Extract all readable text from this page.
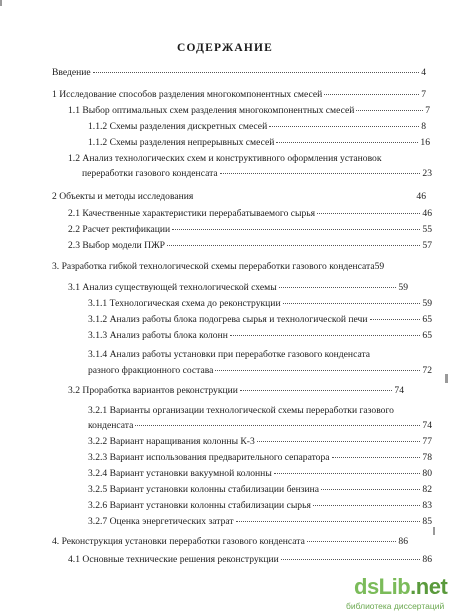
СОДЕРЖАНИЕ
Введение	4
1 Исследование способов разделения многокомпонентных смесей	7
1.1 Выбор оптимальных схем разделения многокомпонентных смесей	7
1.1.2 Схемы разделения дискретных смесей	8
1.1.2 Схемы разделения непрерывных смесей	16
1.2 Анализ технологических схем и конструктивного оформления установок
переработки газового конденсата	23
2 Объекты и методы исследования	46
2.1 Качественные характеристики перерабатываемого сырья	46
2.2 Расчет ректификации	55
2.3 Выбор модели ПЖР	57
3. Разработка гибкой технологической схемы переработки газового конденсата 59
3.1 Анализ существующей технологической схемы	59
3.1.1 Технологическая схема до реконструкции	59
3.1.2 Анализ работы блока подогрева сырья и технологической печи	65
3.1.3 Анализ работы блока колонн	65
3.1.4 Анализ работы установки при переработке газового конденсата
разного фракционного состава	72
3.2 Проработка вариантов реконструкции	74
3.2.1 Варианты организации технологической схемы переработки газового
конденсата	74
3.2.2 Вариант наращивания колонны К-3	77
3.2.3 Вариант использования предварительного сепаратора	78
3.2.4 Вариант установки вакуумной колонны	80
3.2.5 Вариант установки колонны стабилизации бензина	82
3.2.6 Вариант установки колонны стабилизации сырья	83
3.2.7 Оценка энергетических затрат	85
4. Реконструкция установки переработки газового конденсата	86
4.1 Основные технические решения реконструкции	86
dsLib.net
библиотека диссертаций
